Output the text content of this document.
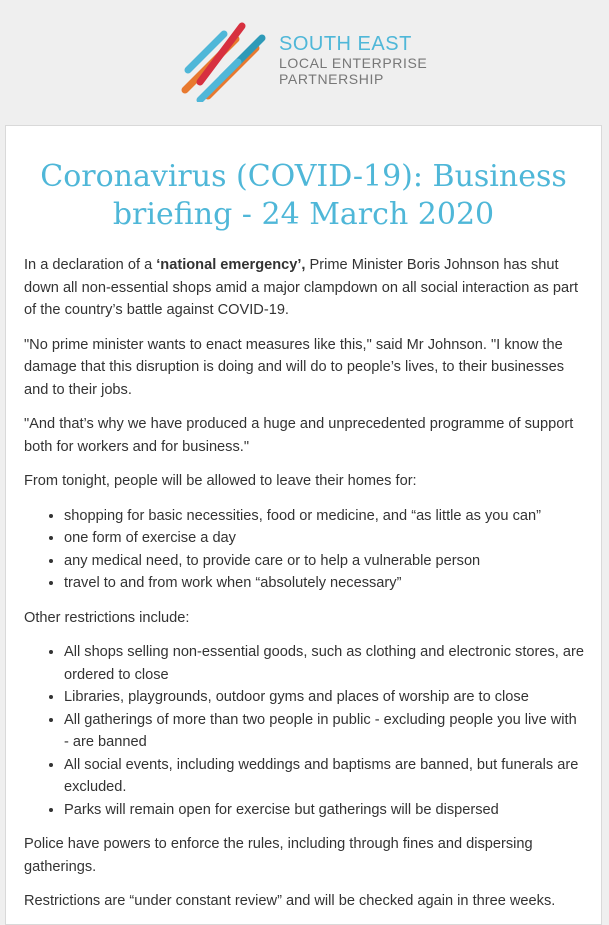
SOUTH EAST
LOCAL ENTERPRISE
PARTNERSHIP
Coronavirus (COVID-19): Business briefing - 24 March 2020

In a declaration of a ‘national emergency’, Prime Minister Boris Johnson has shut down all non-essential shops amid a major clampdown on all social interaction as part of the country’s battle against COVID-19.

"No prime minister wants to enact measures like this," said Mr Johnson. "I know the damage that this disruption is doing and will do to people’s lives, to their businesses and to their jobs.

"And that’s why we have produced a huge and unprecedented programme of support both for workers and for business."

From tonight, people will be allowed to leave their homes for:

• shopping for basic necessities, food or medicine, and “as little as you can”
• one form of exercise a day
• any medical need, to provide care or to help a vulnerable person
• travel to and from work when “absolutely necessary”

Other restrictions include:

• All shops selling non-essential goods, such as clothing and electronic stores, are ordered to close
• Libraries, playgrounds, outdoor gyms and places of worship are to close
• All gatherings of more than two people in public - excluding people you live with - are banned
• All social events, including weddings and baptisms are banned, but funerals are excluded.
• Parks will remain open for exercise but gatherings will be dispersed

Police have powers to enforce the rules, including through fines and dispersing gatherings.

Restrictions are “under constant review” and will be checked again in three weeks.
